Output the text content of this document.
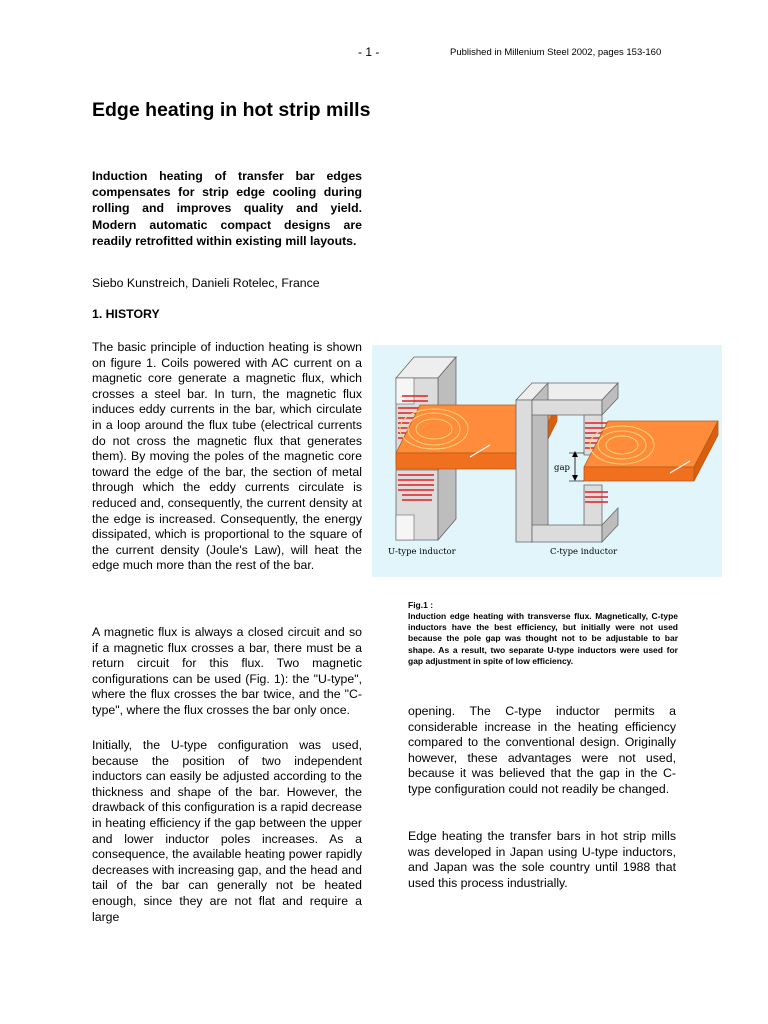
- 1 -	Published in Millenium Steel 2002, pages 153-160
Edge heating in hot strip mills

Induction heating of transfer bar edges compensates for strip edge cooling during rolling and improves quality and yield. Modern automatic compact designs are readily retrofitted within existing mill layouts.

Siebo Kunstreich, Danieli Rotelec, France

1. HISTORY

The basic principle of induction heating is shown on figure 1. Coils powered with AC current on a magnetic core generate a magnetic flux, which crosses a steel bar. In turn, the magnetic flux induces eddy currents in the bar, which circulate in a loop around the flux tube (electrical currents do not cross the magnetic flux that generates them). By moving the poles of the magnetic core toward the edge of the bar, the section of metal through which the eddy currents circulate is reduced and, consequently, the current density at the edge is increased. Consequently, the energy dissipated, which is proportional to the square of the current density (Joule's Law), will heat the edge much more than the rest of the bar.

A magnetic flux is always a closed circuit and so if a magnetic flux crosses a bar, there must be a return circuit for this flux. Two magnetic configurations can be used (Fig. 1): the "U-type", where the flux crosses the bar twice, and the "C-type", where the flux crosses the bar only once.

Initially, the U-type configuration was used, because the position of two independent inductors can easily be adjusted according to the thickness and shape of the bar. However, the drawback of this configuration is a rapid decrease in heating efficiency if the gap between the upper and lower inductor poles increases. As a consequence, the available heating power rapidly decreases with increasing gap, and the head and tail of the bar can generally not be heated enough, since they are not flat and require a large

opening. The C-type inductor permits a considerable increase in the heating efficiency compared to the conventional design. Originally however, these advantages were not used, because it was believed that the gap in the C-type configuration could not readily be changed.

Edge heating the transfer bars in hot strip mills was developed in Japan using U-type inductors, and Japan was the sole country until 1988 that used this process industrially.

U-type inductor	C-type inductor
gap

Fig.1 :

Induction edge heating with transverse flux. Magnetically, C-type inductors have the best efficiency, but initially were not used because the pole gap was thought not to be adjustable to bar shape. As a result, two separate U-type inductors were used for gap adjustment in spite of low efficiency.
